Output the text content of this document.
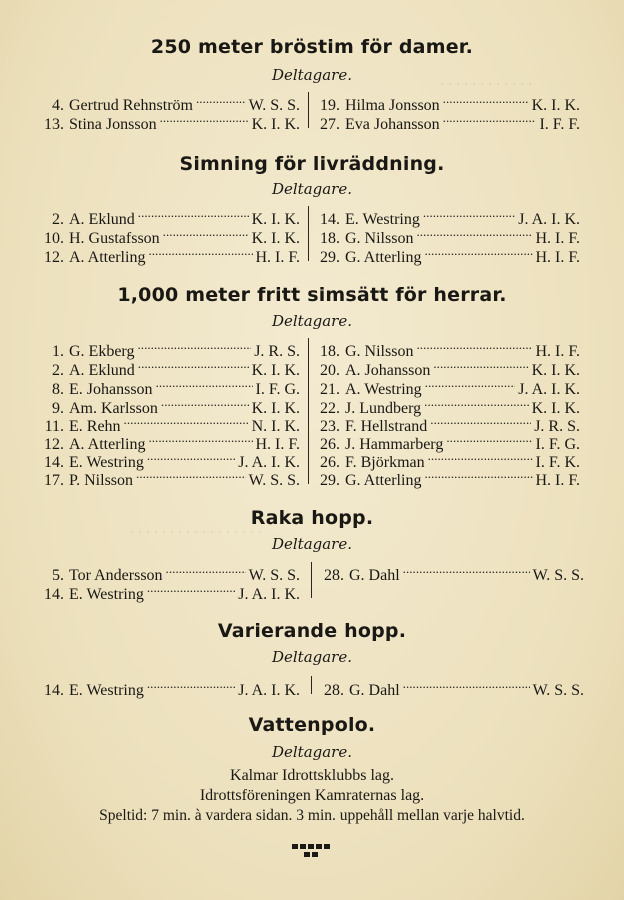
. . . . . . . . . . . .
. . . . . . . . . . . . . . . . .
250 meter bröstim för damer.
Deltagare.
4. Gertrud Rehnström . . .	W. S. S.
13. Stina Jonsson . . .	K. I. K.
19. Hilma Jonsson . . .	K. I. K.
27. Eva Johansson . . .	I. F. F.
Simning för livräddning.
Deltagare.
2. A. Eklund . . .	K. I. K.
10. H. Gustafsson . . .	K. I. K.
12. A. Atterling . . .	H. I. F.
14. E. Westring . . .	J. A. I. K.
18. G. Nilsson . . .	H. I. F.
29. G. Atterling . . .	H. I. F.
1,000 meter fritt simsätt för herrar.
Deltagare.
1. G. Ekberg . . .	J. R. S.
2. A. Eklund . . .	K. I. K.
8. E. Johansson . . .	I. F. G.
9. Am. Karlsson . . .	K. I. K.
11. E. Rehn . . .	N. I. K.
12. A. Atterling . . .	H. I. F.
14. E. Westring . . .	J. A. I. K.
17. P. Nilsson . . .	W. S. S.
18. G. Nilsson . . .	H. I. F.
20. A. Johansson . . .	K. I. K.
21. A. Westring . . .	J. A. I. K.
22. J. Lundberg . . .	K. I. K.
23. F. Hellstrand . . .	J. R. S.
26. J. Hammarberg . . .	I. F. G.
26. F. Björkman . . .	I. F. K.
29. G. Atterling . . .	H. I. F.
Raka hopp.
Deltagare.
5. Tor Andersson . . .	W. S. S.
14. E. Westring . . .	J. A. I. K.
28. G. Dahl . . .	W. S. S.
Varierande hopp.
Deltagare.
14. E. Westring . . .	J. A. I. K.	28. G. Dahl . . .	W. S. S.
Vattenpolo.
Deltagare.
Kalmar Idrottsklubbs lag.
Idrottsföreningen Kamraternas lag.
Speltid: 7 min. à vardera sidan. 3 min. uppehåll mellan varje halvtid.
